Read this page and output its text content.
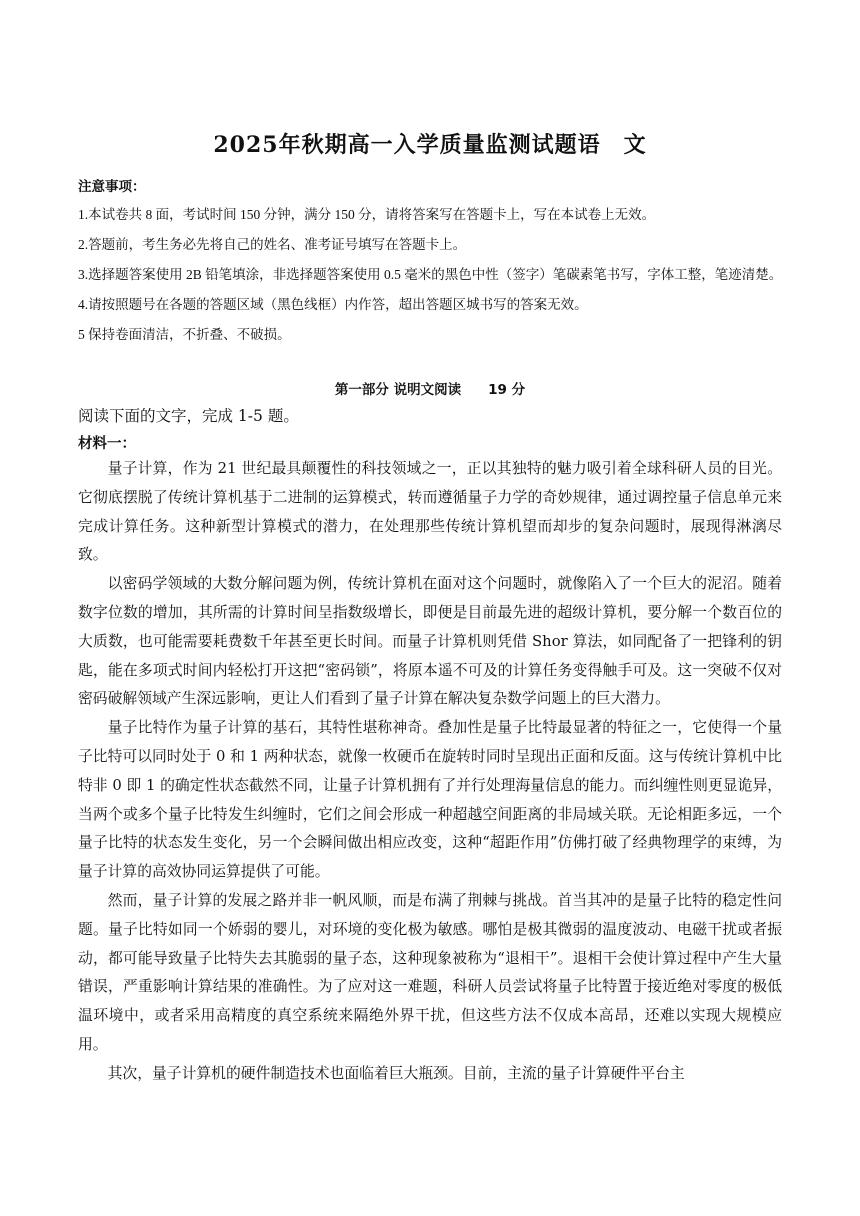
2025年秋期高一入学质量监测试题语　文
注意事项：
1.本试卷共 8 面，考试时间 150 分钟，满分 150 分，请将答案写在答题卡上，写在本试卷上无效。
2.答题前，考生务必先将自己的姓名、准考证号填写在答题卡上。
3.选择题答案使用 2B 铅笔填涂，非选择题答案使用 0.5 毫米的黑色中性（签字）笔碳素笔书写，字体工整，笔迹清楚。
4.请按照题号在各题的答题区域（黑色线框）内作答，超出答题区城书写的答案无效。
5 保持卷面清洁，不折叠、不破损。
第一部分 说明文阅读　　19 分
阅读下面的文字，完成 1-5 题。
材料一：

量子计算，作为 21 世纪最具颠覆性的科技领域之一，正以其独特的魅力吸引着全球科研人员的目光。它彻底摆脱了传统计算机基于二进制的运算模式，转而遵循量子力学的奇妙规律，通过调控量子信息单元来完成计算任务。这种新型计算模式的潜力，在处理那些传统计算机望而却步的复杂问题时，展现得淋漓尽致。

以密码学领域的大数分解问题为例，传统计算机在面对这个问题时，就像陷入了一个巨大的泥沼。随着数字位数的增加，其所需的计算时间呈指数级增长，即便是目前最先进的超级计算机，要分解一个数百位的大质数，也可能需要耗费数千年甚至更长时间。而量子计算机则凭借 Shor 算法，如同配备了一把锋利的钥匙，能在多项式时间内轻松打开这把“密码锁”，将原本遥不可及的计算任务变得触手可及。这一突破不仅对密码破解领域产生深远影响，更让人们看到了量子计算在解决复杂数学问题上的巨大潜力。

量子比特作为量子计算的基石，其特性堪称神奇。叠加性是量子比特最显著的特征之一，它使得一个量子比特可以同时处于 0 和 1 两种状态，就像一枚硬币在旋转时同时呈现出正面和反面。这与传统计算机中比特非 0 即 1 的确定性状态截然不同，让量子计算机拥有了并行处理海量信息的能力。而纠缠性则更显诡异，当两个或多个量子比特发生纠缠时，它们之间会形成一种超越空间距离的非局域关联。无论相距多远，一个量子比特的状态发生变化，另一个会瞬间做出相应改变，这种“超距作用”仿佛打破了经典物理学的束缚，为量子计算的高效协同运算提供了可能。

然而，量子计算的发展之路并非一帆风顺，而是布满了荆棘与挑战。首当其冲的是量子比特的稳定性问题。量子比特如同一个娇弱的婴儿，对环境的变化极为敏感。哪怕是极其微弱的温度波动、电磁干扰或者振动，都可能导致量子比特失去其脆弱的量子态，这种现象被称为“退相干”。退相干会使计算过程中产生大量错误，严重影响计算结果的准确性。为了应对这一难题，科研人员尝试将量子比特置于接近绝对零度的极低温环境中，或者采用高精度的真空系统来隔绝外界干扰，但这些方法不仅成本高昂，还难以实现大规模应用。

其次，量子计算机的硬件制造技术也面临着巨大瓶颈。目前，主流的量子计算硬件平台主
